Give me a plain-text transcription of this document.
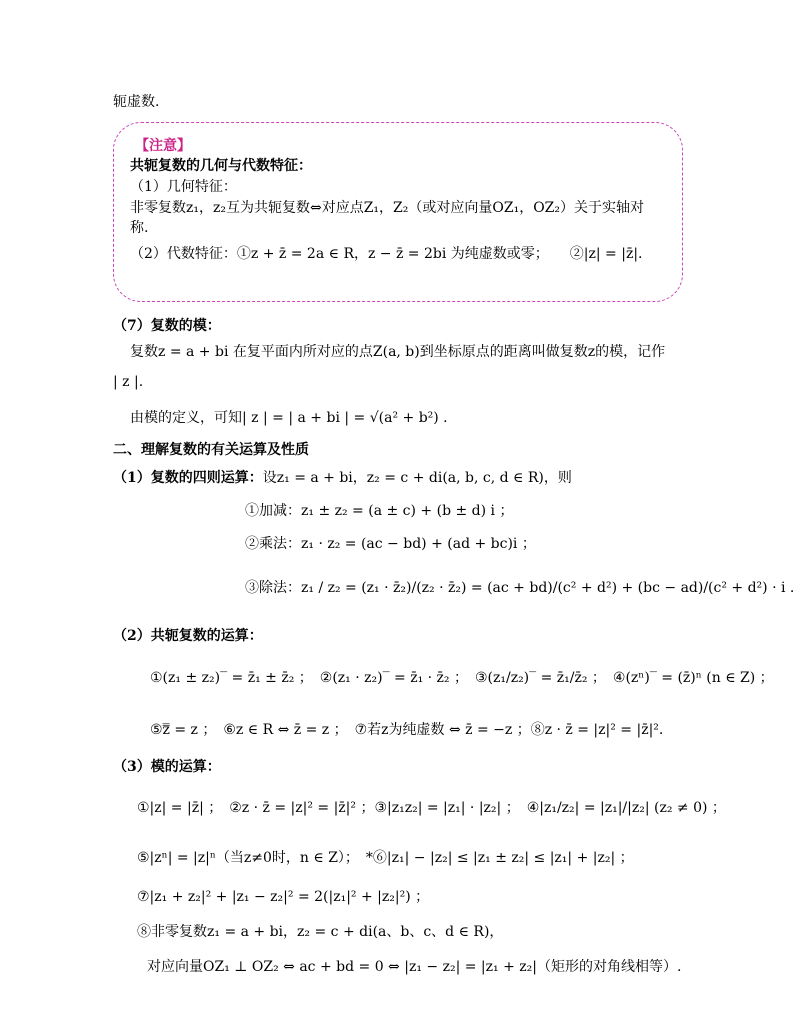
轭虚数.
【注意】
共轭复数的几何与代数特征：
（1）几何特征：
非零复数z₁，z₂互为共轭复数⇔对应点Z₁，Z₂（或对应向量OZ₁，OZ₂）关于实轴对
称.
（2）代数特征：①z + z̄ = 2a ∈ R，z − z̄ = 2bi 为纯虚数或零；　　②|z| = |z̄|.
（7）复数的模：
复数z = a + bi 在复平面内所对应的点Z(a, b)到坐标原点的距离叫做复数z的模，记作
| z |.
由模的定义，可知| z | = | a + bi | = √(a² + b²) .
二、理解复数的有关运算及性质
（1）复数的四则运算：设z₁ = a + bi，z₂ = c + di(a, b, c, d ∈ R)，则
①加减：z₁ ± z₂ = (a ± c) + (b ± d) i ；
②乘法：z₁ · z₂ = (ac − bd) + (ad + bc)i ；
③除法：z₁ / z₂ = (z₁ · z̄₂)/(z₂ · z̄₂) = (ac + bd)/(c² + d²) + (bc − ad)/(c² + d²) · i .
（2）共轭复数的运算：
①(z₁ ± z₂)‾ = z̄₁ ± z̄₂ ；　②(z₁ · z₂)‾ = z̄₁ · z̄₂ ；　③(z₁/z₂)‾ = z̄₁/z̄₂ ；　④(zⁿ)‾ = (z̄)ⁿ (n ∈ Z) ；
⑤z̿ = z ；　⑥z ∈ R ⇔ z̄ = z ；　⑦若z为纯虚数 ⇔ z̄ = −z ；⑧z · z̄ = |z|² = |z̄|².
（3）模的运算：
①|z| = |z̄| ；　②z · z̄ = |z|² = |z̄|² ；③|z₁z₂| = |z₁| · |z₂| ；　④|z₁/z₂| = |z₁|/|z₂| (z₂ ≠ 0) ；
⑤|zⁿ| = |z|ⁿ（当z≠0时，n ∈ Z）；　*⑥|z₁| − |z₂| ≤ |z₁ ± z₂| ≤ |z₁| + |z₂| ；
⑦|z₁ + z₂|² + |z₁ − z₂|² = 2(|z₁|² + |z₂|²) ；
⑧非零复数z₁ = a + bi，z₂ = c + di(a、b、c、d ∈ R)，
对应向量OZ₁ ⊥ OZ₂ ⇔ ac + bd = 0 ⇔ |z₁ − z₂| = |z₁ + z₂|（矩形的对角线相等）.
